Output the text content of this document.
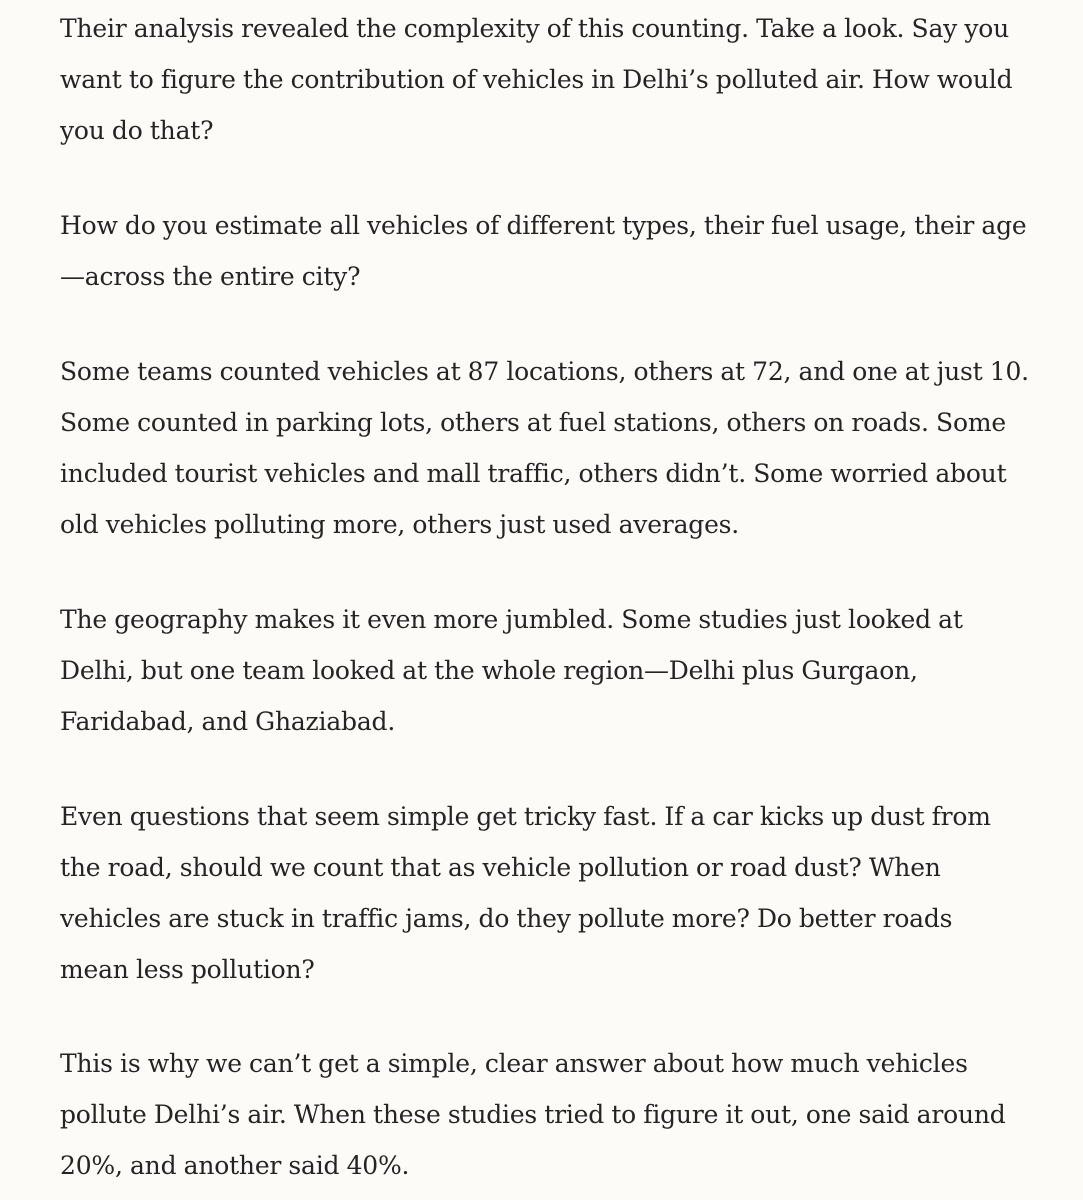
Their analysis revealed the complexity of this counting. Take a look. Say you
want to figure the contribution of vehicles in Delhi’s polluted air. How would
you do that?

How do you estimate all vehicles of different types, their fuel usage, their age
—across the entire city?

Some teams counted vehicles at 87 locations, others at 72, and one at just 10.
Some counted in parking lots, others at fuel stations, others on roads. Some
included tourist vehicles and mall traffic, others didn’t. Some worried about
old vehicles polluting more, others just used averages.

The geography makes it even more jumbled. Some studies just looked at
Delhi, but one team looked at the whole region—Delhi plus Gurgaon,
Faridabad, and Ghaziabad.

Even questions that seem simple get tricky fast. If a car kicks up dust from
the road, should we count that as vehicle pollution or road dust? When
vehicles are stuck in traffic jams, do they pollute more? Do better roads
mean less pollution?

This is why we can’t get a simple, clear answer about how much vehicles
pollute Delhi’s air. When these studies tried to figure it out, one said around
20%, and another said 40%.
